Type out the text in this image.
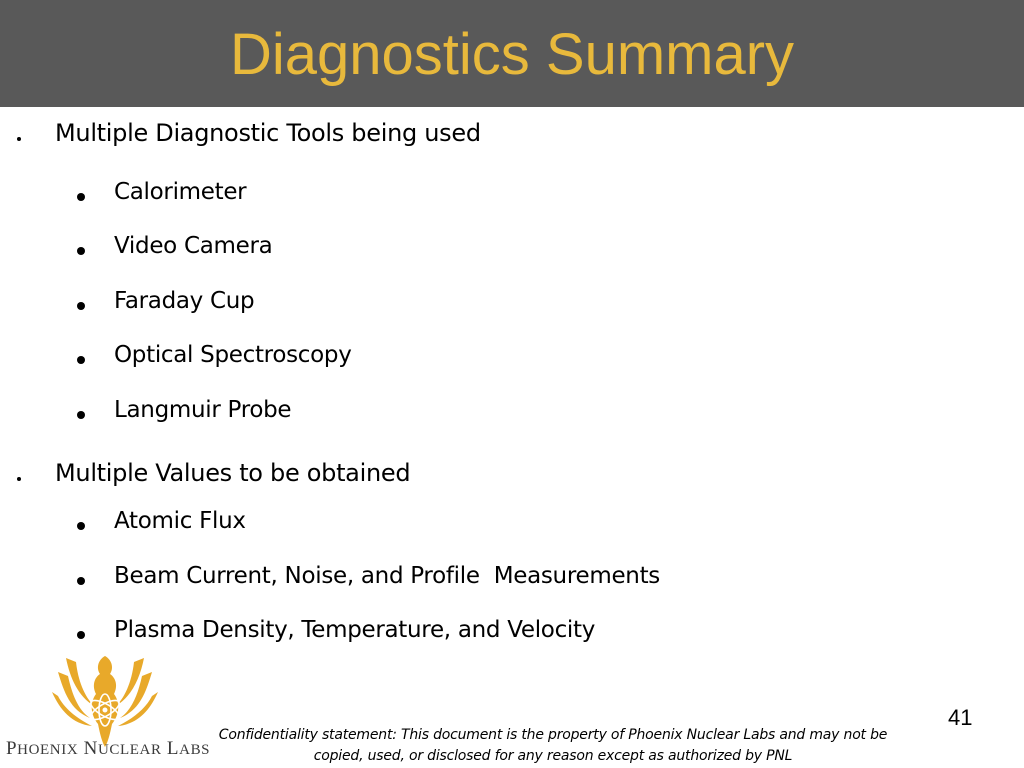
Diagnostics Summary
Multiple Diagnostic Tools being used
Calorimeter
Video Camera
Faraday Cup
Optical Spectroscopy
Langmuir Probe
Multiple Values to be obtained
Atomic Flux
Beam Current, Noise, and Profile  Measurements
Plasma Density, Temperature, and Velocity
PHOENIX NUCLEAR LABS
Confidentiality statement: This document is the property of Phoenix Nuclear Labs and may not be
copied, used, or disclosed for any reason except as authorized by PNL
41
